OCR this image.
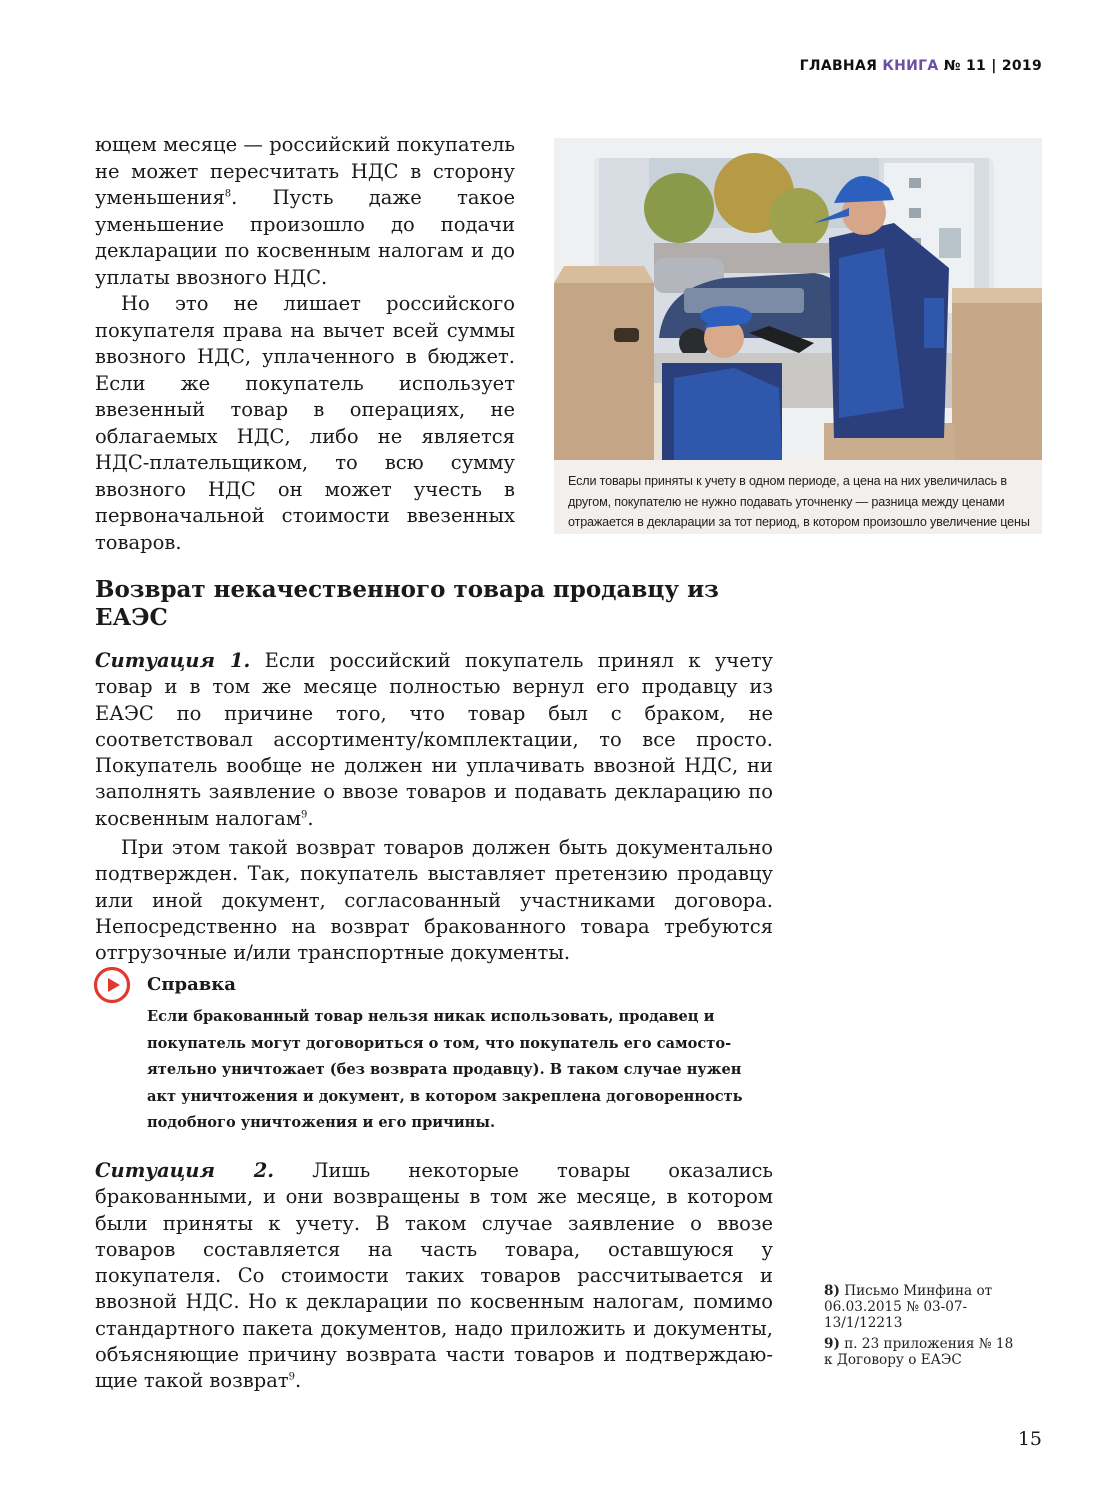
ГЛАВНАЯ КНИГА № 11 | 2019

ющем месяце — российский покупатель не может пересчитать НДС в сторону уменьшения$^8$. Пусть даже такое уменьшение произошло до подачи декларации по косвенным налогам и до уплаты ввозного НДС.

Но это не лишает российского покупателя права на вычет всей суммы ввозного НДС, уплаченного в бюджет. Если же покупатель использует ввезенный товар в операциях, не облагаемых НДС, либо не является НДС-плательщиком, то всю сумму ввозного НДС он может учесть в первоначальной стоимости ввезенных товаров.

Если товары приняты к учету в одном периоде, а цена на них увеличилась в другом, покупателю не нужно подавать уточненку — разница между ценами отражается в декларации за тот период, в котором произошло увеличение цены
Возврат некачественного товара продавцу из ЕАЭС

Ситуация 1. Если российский покупатель принял к учету товар и в том же месяце полностью вернул его продавцу из ЕАЭС по причине того, что товар был с браком, не соответствовал ассортименту/комплектации, то все просто. Покупатель вообще не должен ни уплачивать ввозной НДС, ни заполнять заявление о ввозе товаров и подавать декларацию по косвенным налогам$^9$.

При этом такой возврат товаров должен быть документально подтвержден. Так, покупатель выставляет претензию продавцу или иной документ, согласованный участниками договора. Непосредственно на возврат бракованного товара требуются отгрузочные и/или транспортные документы.

Справка

Если бракованный товар нельзя никак использовать, продавец и покупатель могут договориться о том, что покупатель его самостоятельно уничтожает (без возврата продавцу). В таком случае нужен акт уничтожения и документ, в котором закреплена договоренность подобного уничтожения и его причины.

Ситуация 2. Лишь некоторые товары оказались бракованными, и они возвращены в том же месяце, в котором были приняты к учету. В таком случае заявление о ввозе товаров составляется на часть товара, оставшуюся у покупателя. Со стоимости таких товаров рассчитывается и ввозной НДС. Но к декларации по косвенным налогам, помимо стандартного пакета документов, надо приложить и документы, объясняющие причину возврата части товаров и подтверждающие такой возврат$^9$.

8) Письмо Минфина от 06.03.2015 № 03-07-13/1/12213

9) п. 23 приложения № 18 к Договору о ЕАЭС

15
